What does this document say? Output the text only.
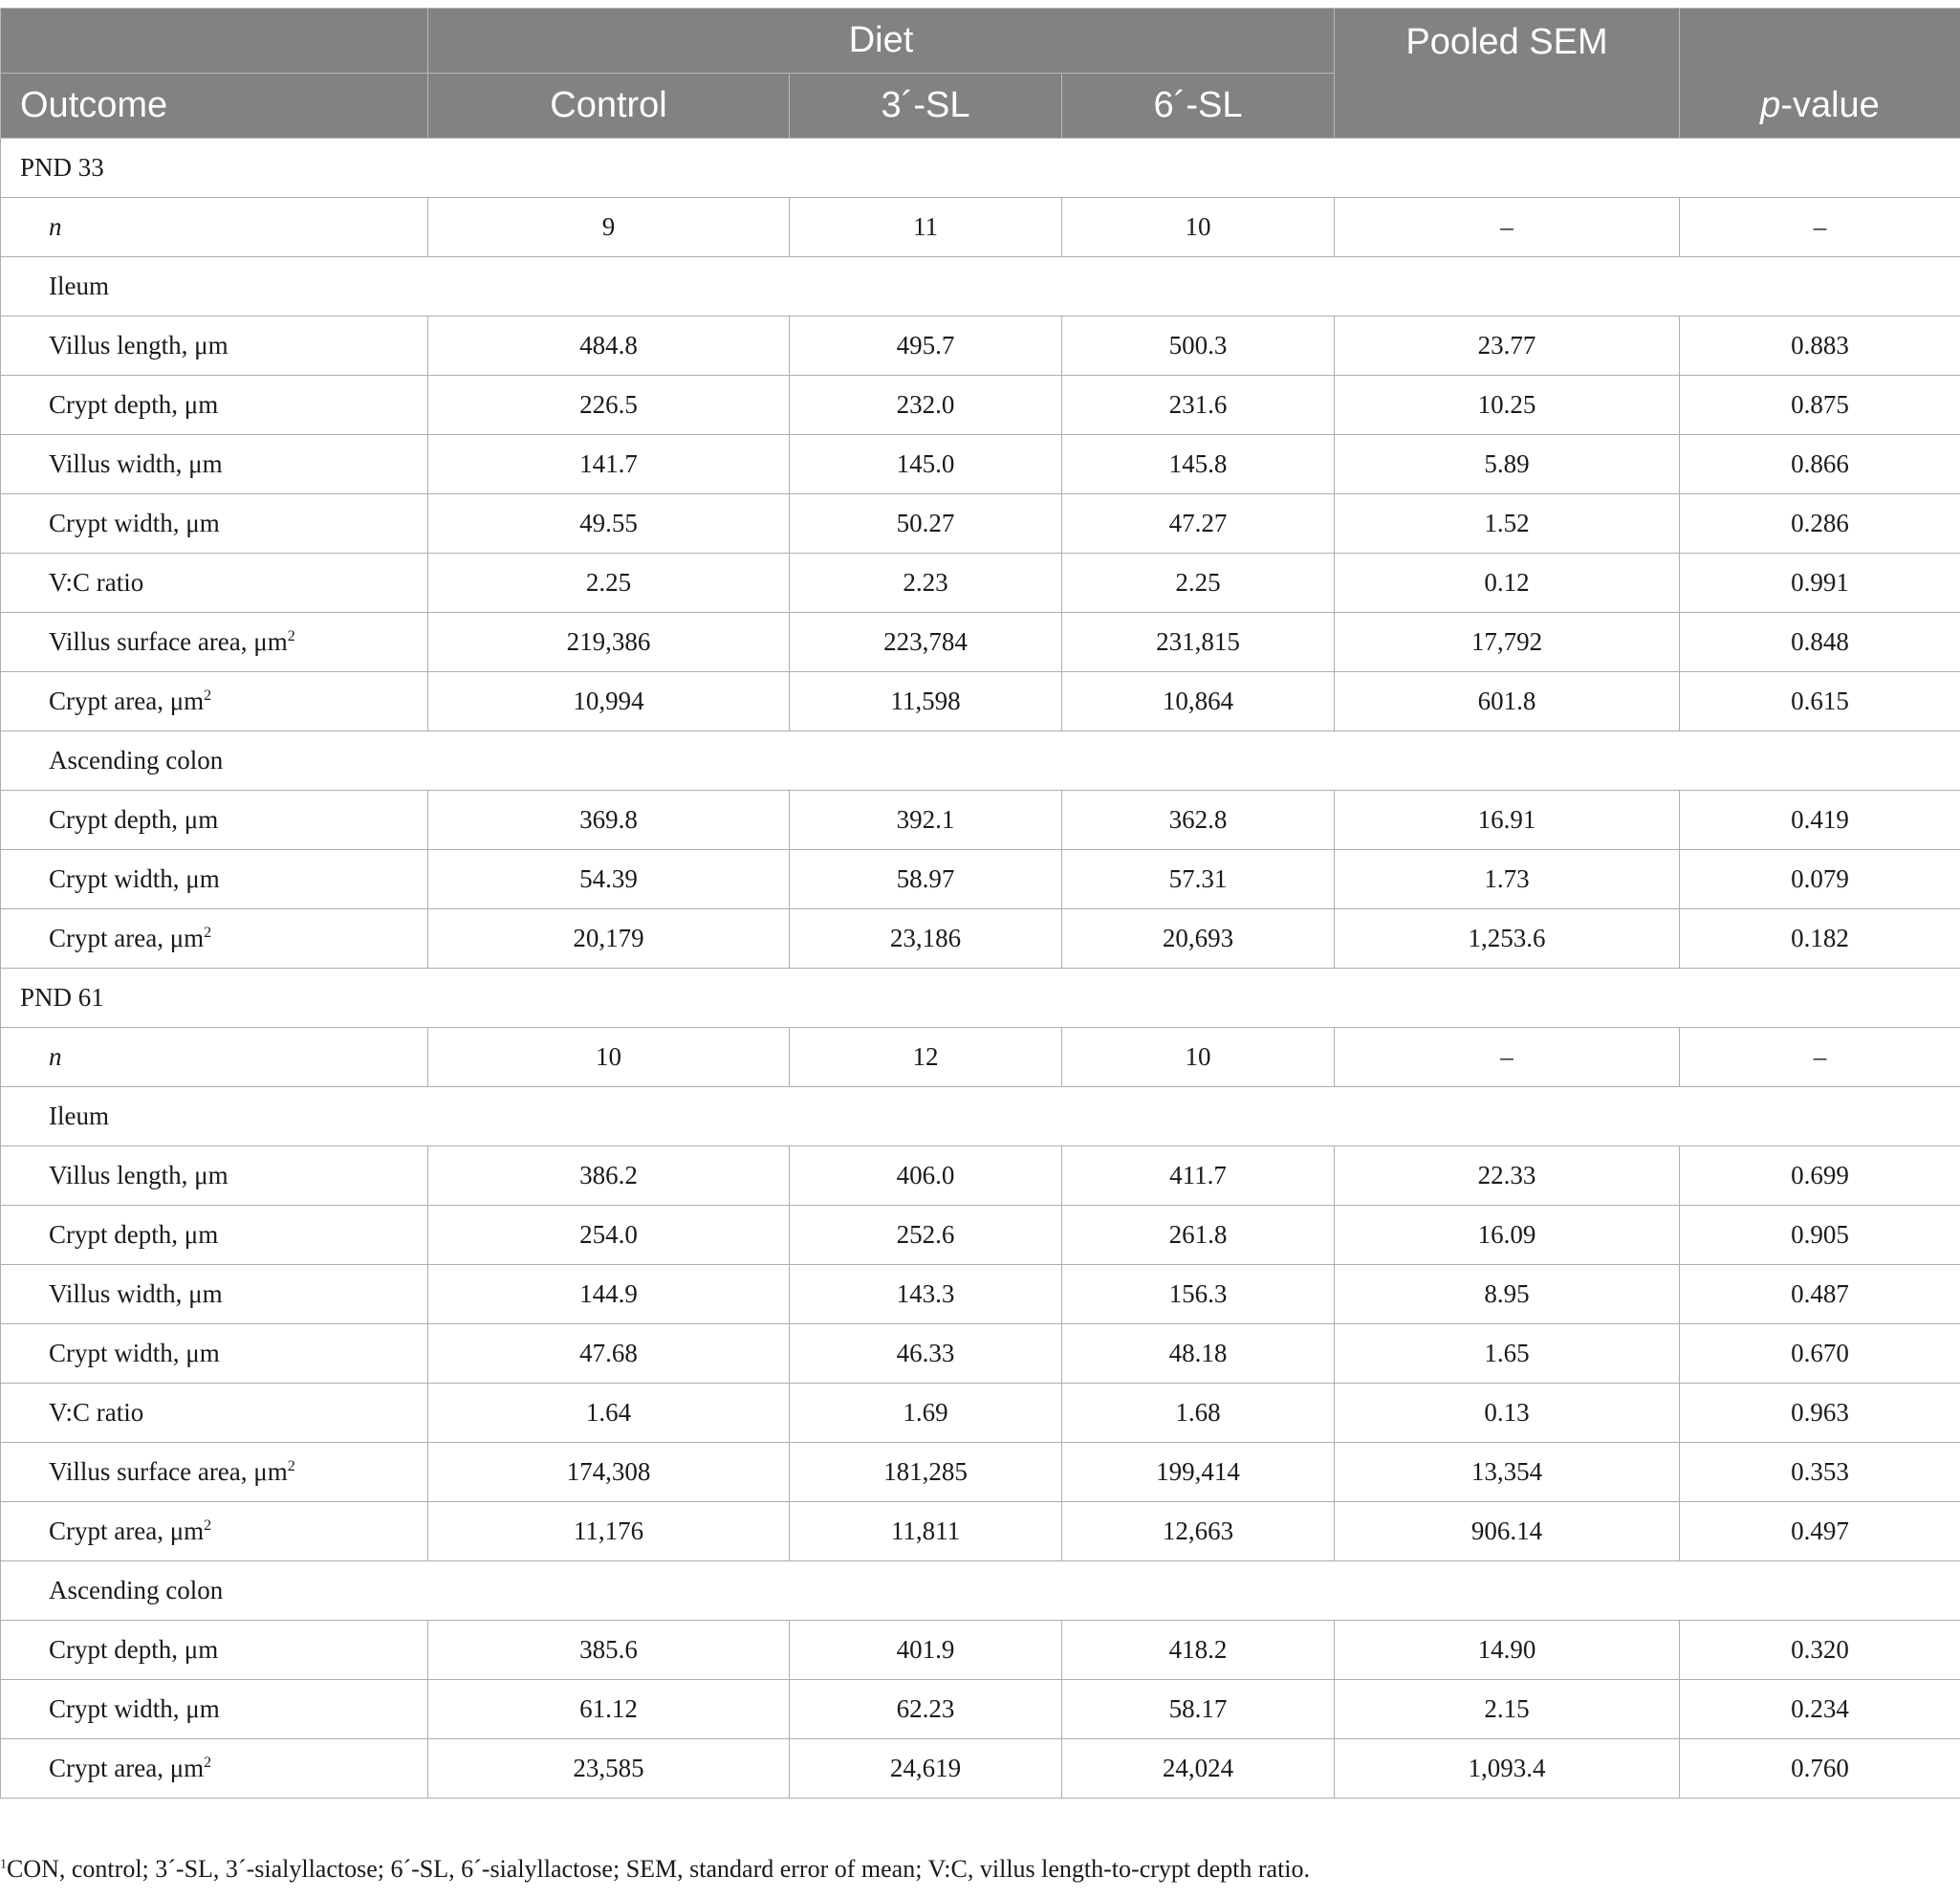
	Diet			Pooled SEM	p-value
Outcome	Control	3´-SL	6´-SL		
PND 33					
n	9	11	10	–	–
Ileum					
Villus length, μm	484.8	495.7	500.3	23.77	0.883
Crypt depth, μm	226.5	232.0	231.6	10.25	0.875
Villus width, μm	141.7	145.0	145.8	5.89	0.866
Crypt width, μm	49.55	50.27	47.27	1.52	0.286
V:C ratio	2.25	2.23	2.25	0.12	0.991
Villus surface area, $\mu m^2$	219,386	223,784	231,815	17,792	0.848
Crypt area, $\mu m^2$	10,994	11,598	10,864	601.8	0.615
Ascending colon					
Crypt depth, μm	369.8	392.1	362.8	16.91	0.419
Crypt width, μm	54.39	58.97	57.31	1.73	0.079
Crypt area, $\mu m^2$	20,179	23,186	20,693	1,253.6	0.182
PND 61					
n	10	12	10	–	–
Ileum					
Villus length, μm	386.2	406.0	411.7	22.33	0.699
Crypt depth, μm	254.0	252.6	261.8	16.09	0.905
Villus width, μm	144.9	143.3	156.3	8.95	0.487
Crypt width, μm	47.68	46.33	48.18	1.65	0.670
V:C ratio	1.64	1.69	1.68	0.13	0.963
Villus surface area, $\mu m^2$	174,308	181,285	199,414	13,354	0.353
Crypt area, $\mu m^2$	11,176	11,811	12,663	906.14	0.497
Ascending colon					
Crypt depth, μm	385.6	401.9	418.2	14.90	0.320
Crypt width, μm	61.12	62.23	58.17	2.15	0.234
Crypt area, $\mu m^2$	23,585	24,619	24,024	1,093.4	0.760
$^1$CON, control; 3´-SL, 3´-sialyllactose; 6´-SL, 6´-sialyllactose; SEM, standard error of mean; V:C, villus length-to-crypt depth ratio.
